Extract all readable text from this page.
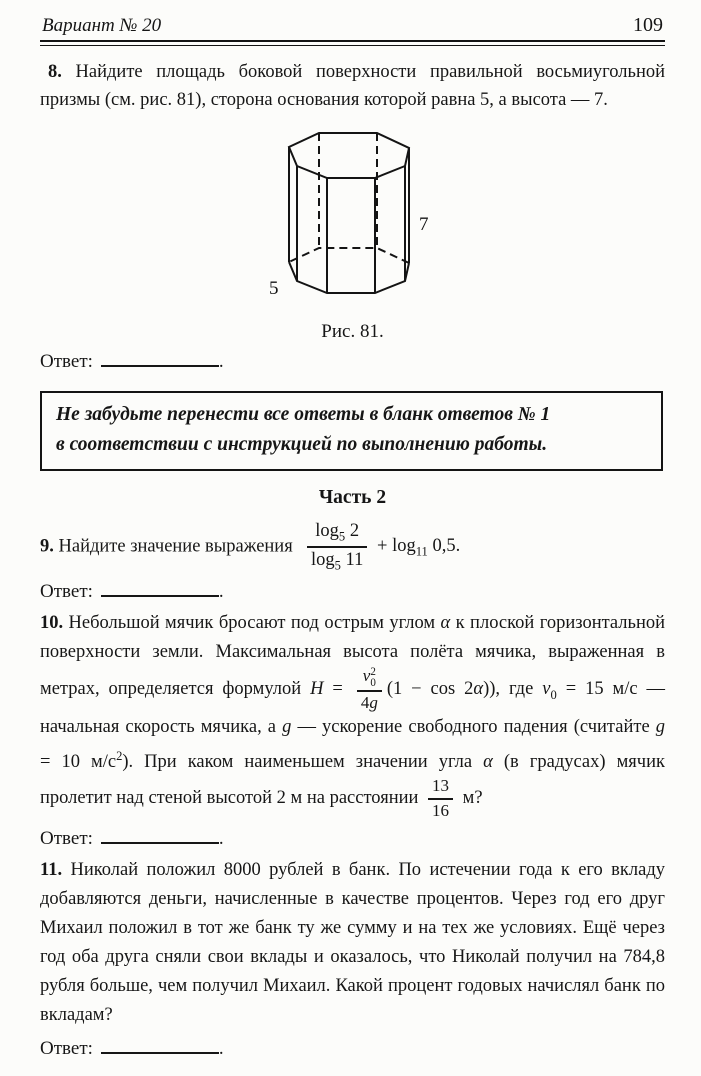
Вариант № 20	109

8. Найдите площадь боковой поверхности правильной восьмиугольной призмы (см. рис. 81), сторона основания которой равна 5, а высота — 7.

7
5
Рис. 81.

Ответ:	.

Не забудьте перенести все ответы в бланк ответов № 1
в соответствии с инструкцией по выполнению работы.
Часть 2

9. Найдите значение выражения $\frac{\log_5 2}{\log_5 11} + \log_{11} 0,5$.

Ответ:	.

10. Небольшой мячик бросают под острым углом α к плоской горизонтальной поверхности земли. Максимальная высота полёта мячика, выраженная в метрах, определяется формулой H = v 2
0
4g (1 − cos 2α)), где $v_0 = 15$ м/с — начальная скорость мячика, а g — ускорение свободного падения (считайте g = 10 $м/с^2$). При каком наименьшем значении угла α (в градусах) мячик пролетит над стеной высотой 2 м на расстоянии $\frac{13}{16} м$?

Ответ:	.

11. Николай положил 8000 рублей в банк. По истечении года к его вкладу добавляются деньги, начисленные в качестве процентов. Через год его друг Михаил положил в тот же банк ту же сумму и на тех же условиях. Ещё через год оба друга сняли свои вклады и оказалось, что Николай получил на 784,8 рубля больше, чем получил Михаил. Какой процент годовых начислял банк по вкладам?

Ответ:	.
